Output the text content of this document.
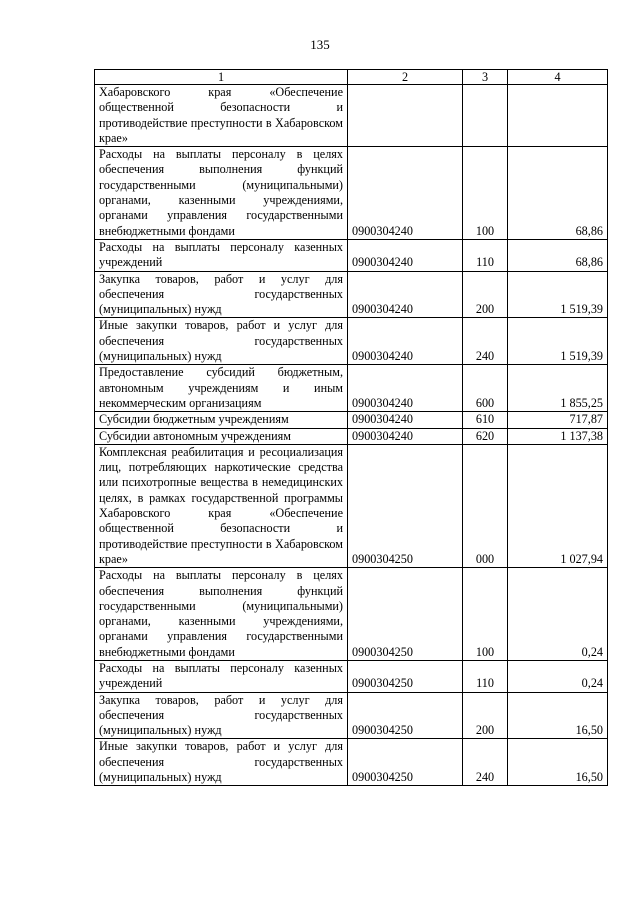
135
1	2	3	4
Хабаровского края «Обеспечение общественной безопасности и противодействие преступности в Хабаровском крае»			
Расходы на выплаты персоналу в целях обеспечения выполнения функций государственными (муниципальными) органами, казенными учреждениями, органами управления государственными внебюджетными фондами	0900304240	100	68,86
Расходы на выплаты персоналу казенных учреждений	0900304240	110	68,86
Закупка товаров, работ и услуг для обеспечения государственных (муниципальных) нужд	0900304240	200	1 519,39
Иные закупки товаров, работ и услуг для обеспечения государственных (муниципальных) нужд	0900304240	240	1 519,39
Предоставление субсидий бюджетным, автономным учреждениям и иным некоммерческим организациям	0900304240	600	1 855,25
Субсидии бюджетным учреждениям	0900304240	610	717,87
Субсидии автономным учреждениям	0900304240	620	1 137,38
Комплексная реабилитация и ресоциализация лиц, потребляющих наркотические средства или психотропные вещества в немедицинских целях, в рамках государственной программы Хабаровского края «Обеспечение общественной безопасности и противодействие преступности в Хабаровском крае»	0900304250	000	1 027,94
Расходы на выплаты персоналу в целях обеспечения выполнения функций государственными (муниципальными) органами, казенными учреждениями, органами управления государственными внебюджетными фондами	0900304250	100	0,24
Расходы на выплаты персоналу казенных учреждений	0900304250	110	0,24
Закупка товаров, работ и услуг для обеспечения государственных (муниципальных) нужд	0900304250	200	16,50
Иные закупки товаров, работ и услуг для обеспечения государственных (муниципальных) нужд	0900304250	240	16,50
